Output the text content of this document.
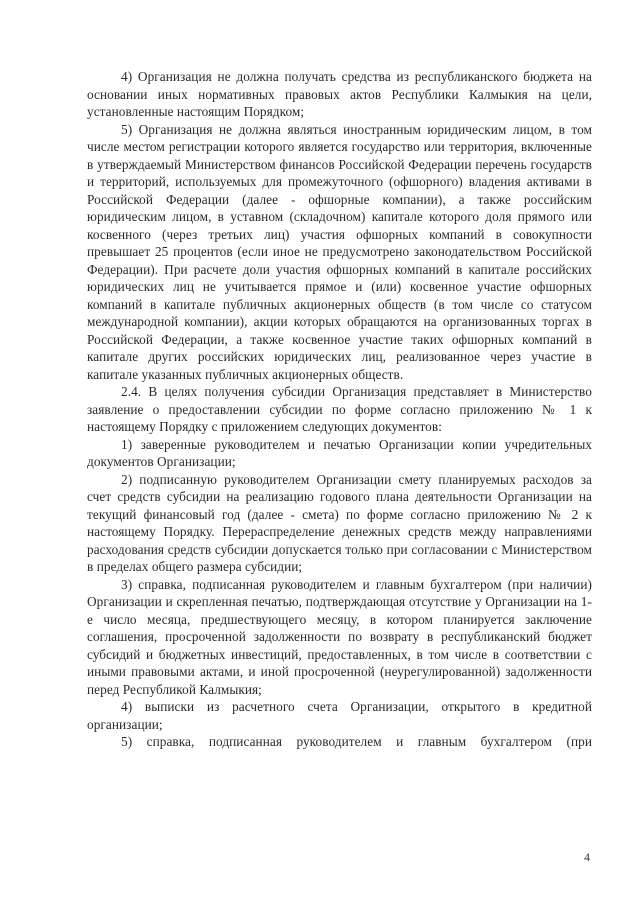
4) Организация не должна получать средства из республиканского бюджета на основании иных нормативных правовых актов Республики Калмыкия на цели, установленные настоящим Порядком;

5) Организация не должна являться иностранным юридическим лицом, в том числе местом регистрации которого является государство или территория, включенные в утверждаемый Министерством финансов Российской Федерации перечень государств и территорий, используемых для промежуточного (офшорного) владения активами в Российской Федерации (далее - офшорные компании), а также российским юридическим лицом, в уставном (складочном) капитале которого доля прямого или косвенного (через третьих лиц) участия офшорных компаний в совокупности превышает 25 процентов (если иное не предусмотрено законодательством Российской Федерации). При расчете доли участия офшорных компаний в капитале российских юридических лиц не учитывается прямое и (или) косвенное участие офшорных компаний в капитале публичных акционерных обществ (в том числе со статусом международной компании), акции которых обращаются на организованных торгах в Российской Федерации, а также косвенное участие таких офшорных компаний в капитале других российских юридических лиц, реализованное через участие в капитале указанных публичных акционерных обществ.

2.4. В целях получения субсидии Организация представляет в Министерство заявление о предоставлении субсидии по форме согласно приложению № 1 к настоящему Порядку с приложением следующих документов:

1) заверенные руководителем и печатью Организации копии учредительных документов Организации;

2) подписанную руководителем Организации смету планируемых расходов за счет средств субсидии на реализацию годового плана деятельности Организации на текущий финансовый год (далее - смета) по форме согласно приложению № 2 к настоящему Порядку. Перераспределение денежных средств между направлениями расходования средств субсидии допускается только при согласовании с Министерством в пределах общего размера субсидии;

3) справка, подписанная руководителем и главным бухгалтером (при наличии) Организации и скрепленная печатью, подтверждающая отсутствие у Организации на 1-е число месяца, предшествующего месяцу, в котором планируется заключение соглашения, просроченной задолженности по возврату в республиканский бюджет субсидий и бюджетных инвестиций, предоставленных, в том числе в соответствии с иными правовыми актами, и иной просроченной (неурегулированной) задолженности перед Республикой Калмыкия;

4) выписки из расчетного счета Организации, открытого в кредитной организации;

5) справка, подписанная руководителем и главным бухгалтером (при

4
